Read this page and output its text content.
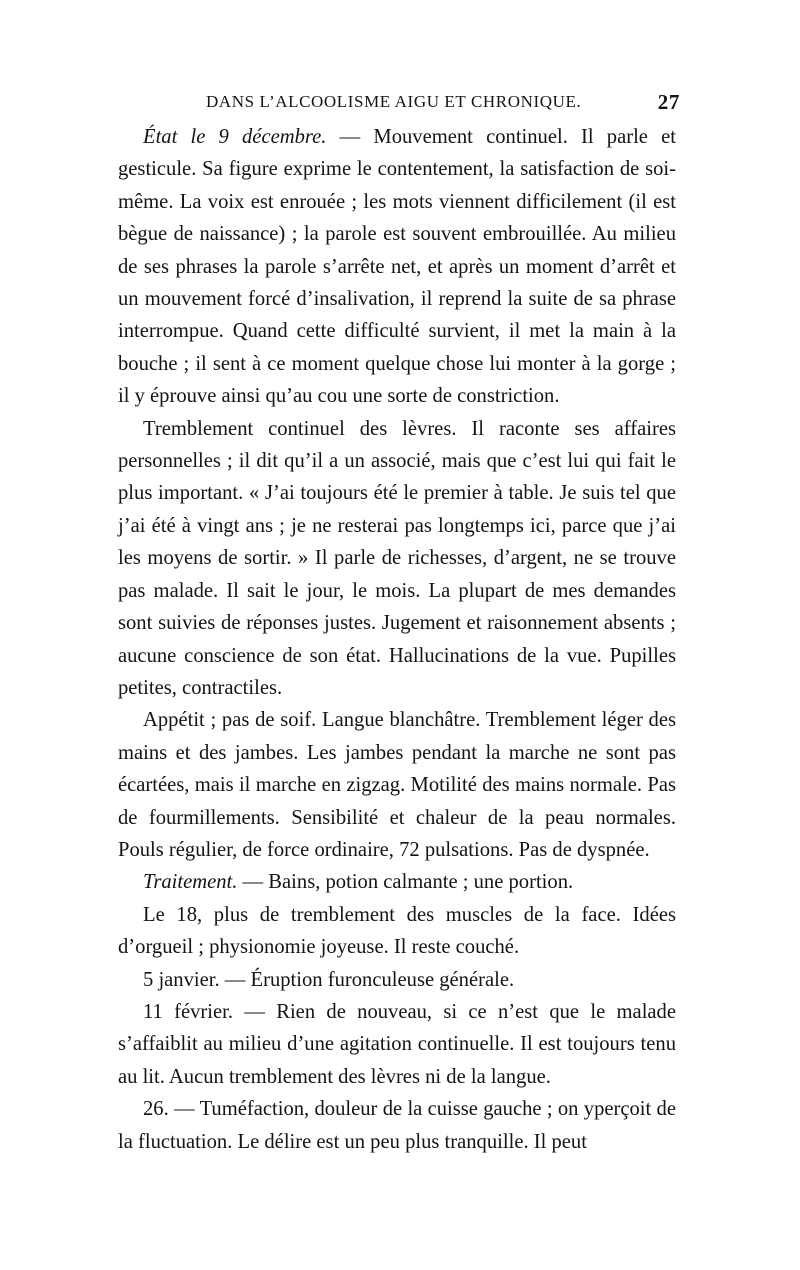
DANS L’ALCOOLISME AIGU ET CHRONIQUE.	27

État le 9 décembre. — Mouvement continuel. Il parle et gesticule. Sa figure exprime le contentement, la satisfaction de soi-même. La voix est enrouée ; les mots viennent difficilement (il est bègue de naissance) ; la parole est souvent embrouillée. Au milieu de ses phrases la parole s’arrête net, et après un moment d’arrêt et un mouvement forcé d’insalivation, il reprend la suite de sa phrase interrompue. Quand cette difficulté survient, il met la main à la bouche ; il sent à ce moment quelque chose lui monter à la gorge ; il y éprouve ainsi qu’au cou une sorte de constriction.

Tremblement continuel des lèvres. Il raconte ses affaires personnelles ; il dit qu’il a un associé, mais que c’est lui qui fait le plus important. « J’ai toujours été le premier à table. Je suis tel que j’ai été à vingt ans ; je ne resterai pas longtemps ici, parce que j’ai les moyens de sortir. » Il parle de richesses, d’argent, ne se trouve pas malade. Il sait le jour, le mois. La plupart de mes demandes sont suivies de réponses justes. Jugement et raisonnement absents ; aucune conscience de son état. Hallucinations de la vue. Pupilles petites, contractiles.

Appétit ; pas de soif. Langue blanchâtre. Tremblement léger des mains et des jambes. Les jambes pendant la marche ne sont pas écartées, mais il marche en zigzag. Motilité des mains normale. Pas de fourmillements. Sensibilité et chaleur de la peau normales. Pouls régulier, de force ordinaire, 72 pulsations. Pas de dyspnée.

Traitement. — Bains, potion calmante ; une portion.

Le 18, plus de tremblement des muscles de la face. Idées d’orgueil ; physionomie joyeuse. Il reste couché.

5 janvier. — Éruption furonculeuse générale.

11 février. — Rien de nouveau, si ce n’est que le malade s’affaiblit au milieu d’une agitation continuelle. Il est toujours tenu au lit. Aucun tremblement des lèvres ni de la langue.

26. — Tuméfaction, douleur de la cuisse gauche ; on yperçoit de la fluctuation. Le délire est un peu plus tranquille. Il peut
